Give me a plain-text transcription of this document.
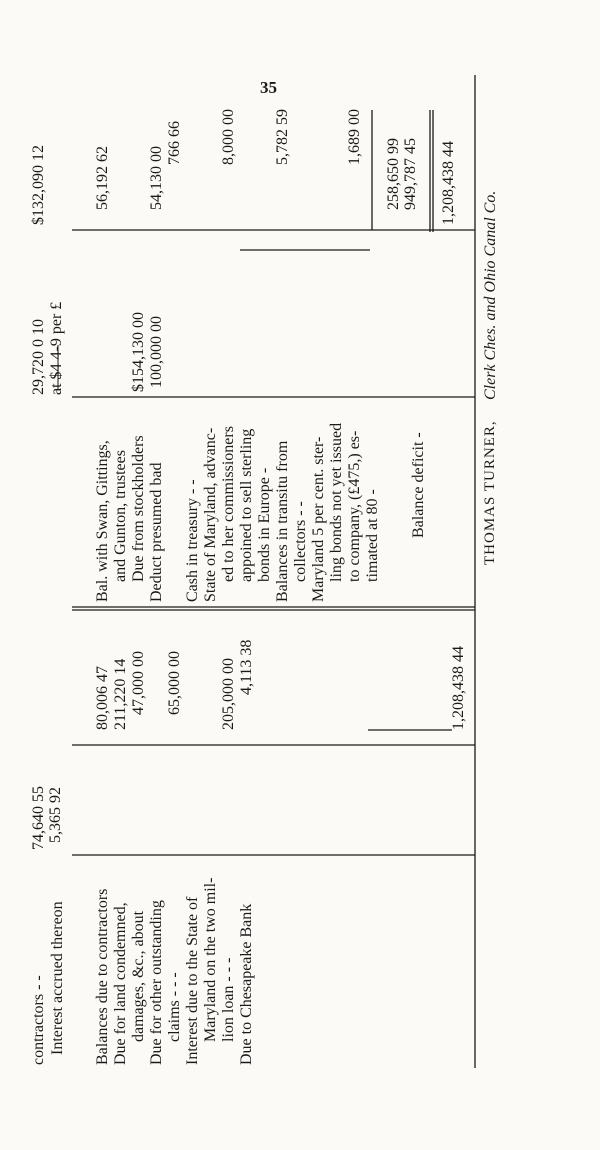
35
contractors - - Interest accrued thereon
74,640 55 5,365 92
Balances due to contractors
80,006 47
Due for land condemned, damages, &c., about
211,220 14
Due for other outstanding claims - - -
47,000 00
Interest due to the State of Maryland on the two mil- lion loan - - -
65,000 00
Due to Chesapeake Bank
205,000 00 4,113 38	1,208,438 44
29,720 0 10 at $4 4-9 per £
$132,090 12
Bal. with Swan, Gittings, and Gunton, trustees
56,192 62
Due from stockholders
$154,130 00
Deduct presumed bad
100,000 00
54,130 00
Cash in treasury - -
766 66
State of Maryland, advanc- ed to her commissioners appoined to sell sterling bonds in Europe -
8,000 00
Balances in transitu from collectors - -
5,782 59
Maryland 5 per cent. ster- ling bonds not yet issued to company, (£475,) es- timated at 80 -
1,689 00
Balance deficit -
258,650 99 949,787 45 1,208,438 44
THOMAS TURNER,
Clerk Ches. and Ohio Canal Co.
